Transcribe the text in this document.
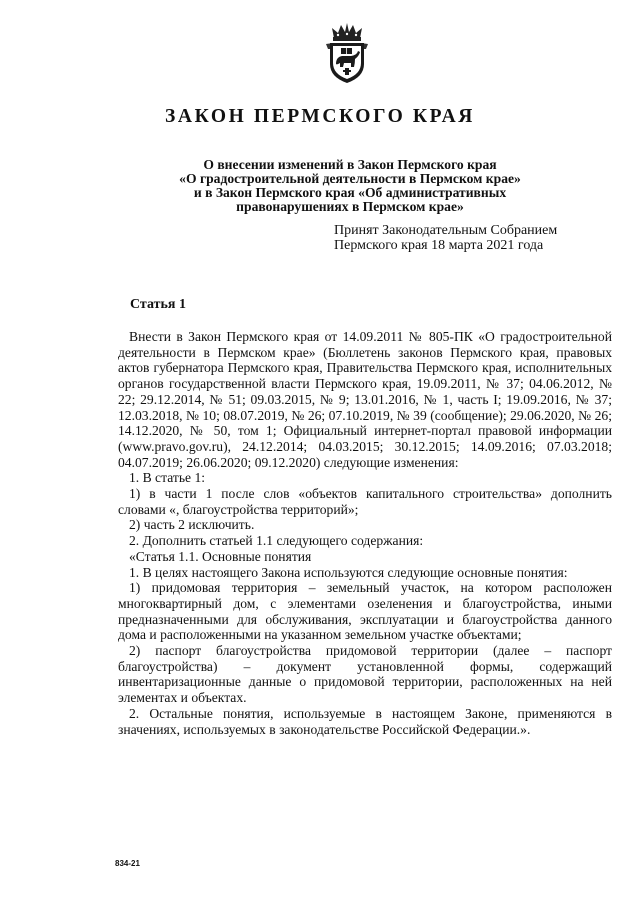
ЗАКОН ПЕРМСКОГО КРАЯ
О внесении изменений в Закон Пермского края
«О градостроительной деятельности в Пермском крае»
и в Закон Пермского края «Об административных
правонарушениях в Пермском крае»
Принят Законодательным Собранием
Пермского края 18 марта 2021 года
Статья 1

Внести в Закон Пермского края от 14.09.2011 № 805-ПК «О градостроительной деятельности в Пермском крае» (Бюллетень законов Пермского края, правовых актов губернатора Пермского края, Правительства Пермского края, исполнительных органов государственной власти Пермского края, 19.09.2011, № 37; 04.06.2012, № 22; 29.12.2014, № 51; 09.03.2015, № 9; 13.01.2016, № 1, часть I; 19.09.2016, № 37; 12.03.2018, № 10; 08.07.2019, № 26; 07.10.2019, № 39 (сообщение); 29.06.2020, № 26; 14.12.2020, № 50, том 1; Официальный интернет-портал правовой информации (www.pravo.gov.ru), 24.12.2014; 04.03.2015; 30.12.2015; 14.09.2016; 07.03.2018; 04.07.2019; 26.06.2020; 09.12.2020) следующие изменения:

1. В статье 1:

1) в части 1 после слов «объектов капитального строительства» дополнить словами «, благоустройства территорий»;

2) часть 2 исключить.

2. Дополнить статьей 1.1 следующего содержания:

«Статья 1.1. Основные понятия

1. В целях настоящего Закона используются следующие основные понятия:

1) придомовая территория – земельный участок, на котором расположен многоквартирный дом, с элементами озеленения и благоустройства, иными предназначенными для обслуживания, эксплуатации и благоустройства данного дома и расположенными на указанном земельном участке объектами;

2) паспорт благоустройства придомовой территории (далее – паспорт благоустройства) – документ установленной формы, содержащий инвентаризационные данные о придомовой территории, расположенных на ней элементах и объектах.

2. Остальные понятия, используемые в настоящем Законе, применяются в значениях, используемых в законодательстве Российской Федерации.».

834-21
